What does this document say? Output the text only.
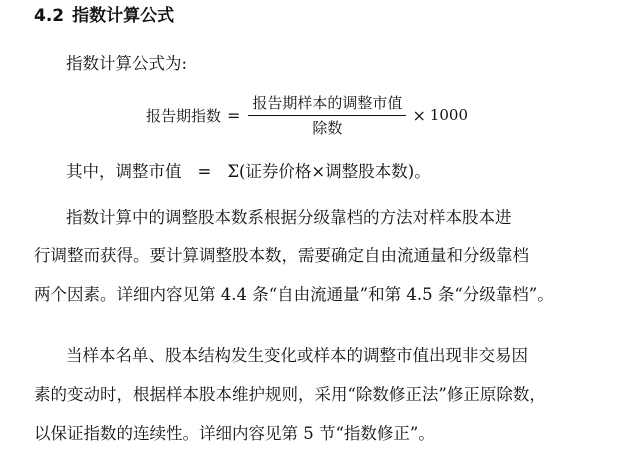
4.2 指数计算公式
指数计算公式为:
报告期指数 = $\frac{\text{报告期样本的调整市值}}{\text{除数}} \times 1000$
其中，调整市值 = Σ(证券价格×调整股本数)。
指数计算中的调整股本数系根据分级靠档的方法对样本股本进
行调整而获得。要计算调整股本数，需要确定自由流通量和分级靠档
两个因素。详细内容见第 4.4 条“自由流通量”和第 4.5 条“分级靠档”。
当样本名单、股本结构发生变化或样本的调整市值出现非交易因
素的变动时，根据样本股本维护规则，采用“除数修正法”修正原除数，
以保证指数的连续性。详细内容见第 5 节“指数修正”。
